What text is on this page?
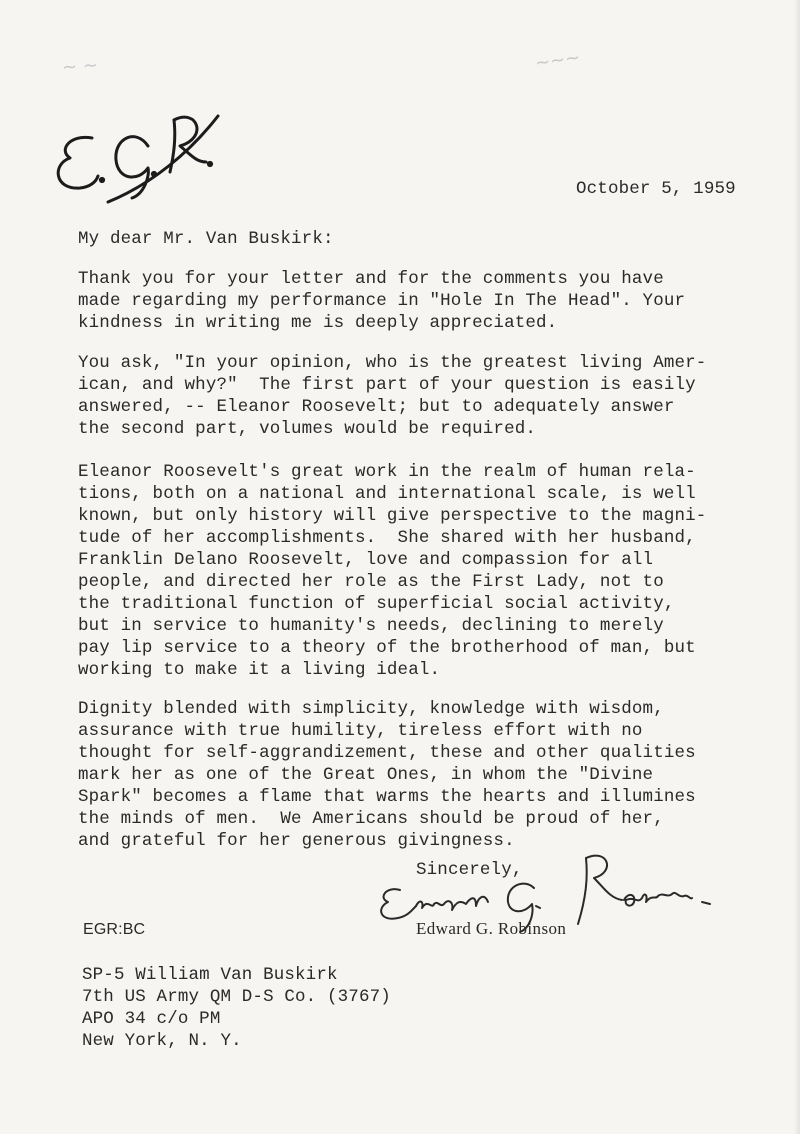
~ ~	~~~
October 5, 1959
My dear Mr. Van Buskirk:

Thank you for your letter and for the comments you have
made regarding my performance in "Hole In The Head". Your
kindness in writing me is deeply appreciated.

You ask, "In your opinion, who is the greatest living Amer-
ican, and why?"  The first part of your question is easily
answered, -- Eleanor Roosevelt; but to adequately answer
the second part, volumes would be required.

Eleanor Roosevelt's great work in the realm of human rela-
tions, both on a national and international scale, is well
known, but only history will give perspective to the magni-
tude of her accomplishments.  She shared with her husband,
Franklin Delano Roosevelt, love and compassion for all
people, and directed her role as the First Lady, not to
the traditional function of superficial social activity,
but in service to humanity's needs, declining to merely
pay lip service to a theory of the brotherhood of man, but
working to make it a living ideal.

Dignity blended with simplicity, knowledge with wisdom,
assurance with true humility, tireless effort with no
thought for self-aggrandizement, these and other qualities
mark her as one of the Great Ones, in whom the "Divine
Spark" becomes a flame that warms the hearts and illumines
the minds of men.  We Americans should be proud of her,
and grateful for her generous givingness.

Sincerely,
EGR:BC	Edward G. Robinson

SP-5 William Van Buskirk
7th US Army QM D-S Co. (3767)
APO 34 c/o PM
New York, N. Y.
